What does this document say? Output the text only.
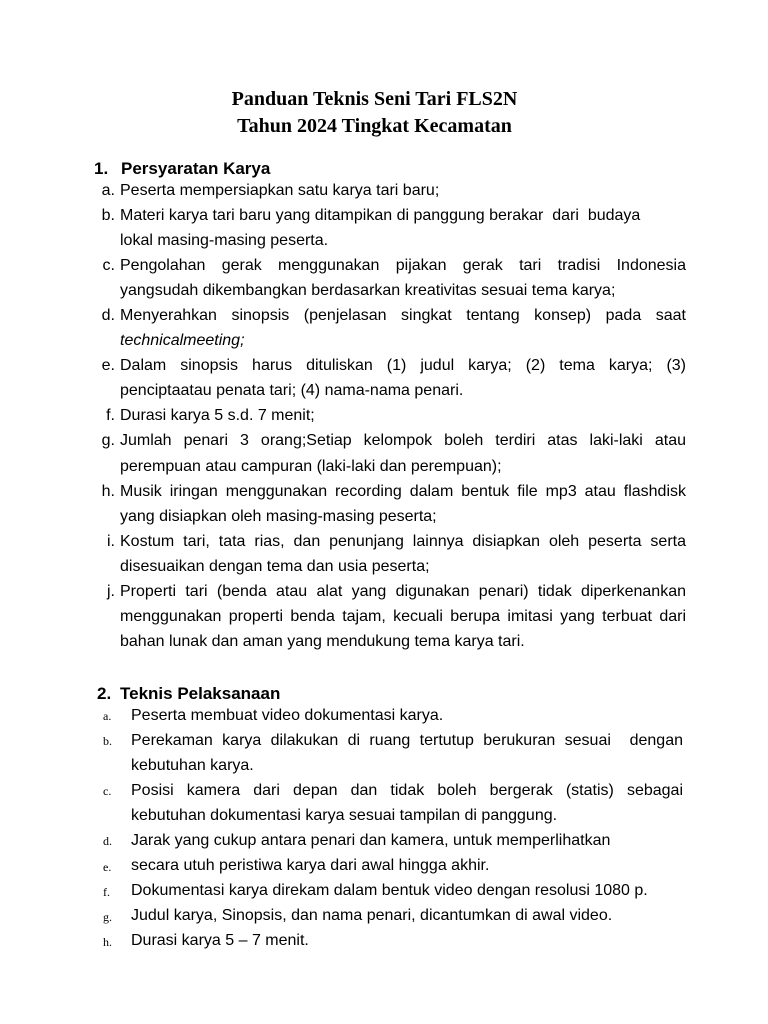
Panduan Teknis Seni Tari FLS2N
Tahun 2024 Tingkat Kecamatan
1. Persyaratan Karya
a. Peserta mempersiapkan satu karya tari baru;
b. Materi karya tari baru yang ditampikan di panggung berakar  dari  budaya
lokal masing-masing peserta.
c. Pengolahan gerak menggunakan pijakan gerak tari tradisi Indonesia
yangsudah dikembangkan berdasarkan kreativitas sesuai tema karya;
d. Menyerahkan sinopsis (penjelasan singkat tentang konsep) pada saat
technicalmeeting;
e. Dalam sinopsis harus dituliskan (1) judul karya; (2) tema karya; (3)
penciptaatau penata tari; (4) nama-nama penari.
f. Durasi karya 5 s.d. 7 menit;
g. Jumlah penari 3 orang;Setiap kelompok boleh terdiri atas laki-laki atau
perempuan atau campuran (laki-laki dan perempuan);
h. Musik iringan menggunakan recording dalam bentuk file mp3 atau flashdisk
yang disiapkan oleh masing-masing peserta;
i. Kostum tari, tata rias, dan penunjang lainnya disiapkan oleh peserta serta
disesuaikan dengan tema dan usia peserta;
j. Properti tari (benda atau alat yang digunakan penari) tidak diperkenankan
menggunakan properti benda tajam, kecuali berupa imitasi yang terbuat dari
bahan lunak dan aman yang mendukung tema karya tari.
2. Teknis Pelaksanaan
a. Peserta membuat video dokumentasi karya.
b. Perekaman karya dilakukan di ruang tertutup berukuran sesuai  dengan
kebutuhan karya.
c. Posisi kamera dari depan dan tidak boleh bergerak (statis) sebagai
kebutuhan dokumentasi karya sesuai tampilan di panggung.
d. Jarak yang cukup antara penari dan kamera, untuk memperlihatkan
e. secara utuh peristiwa karya dari awal hingga akhir.
f. Dokumentasi karya direkam dalam bentuk video dengan resolusi 1080 p.
g. Judul karya, Sinopsis, dan nama penari, dicantumkan di awal video.
h. Durasi karya 5 – 7 menit.
